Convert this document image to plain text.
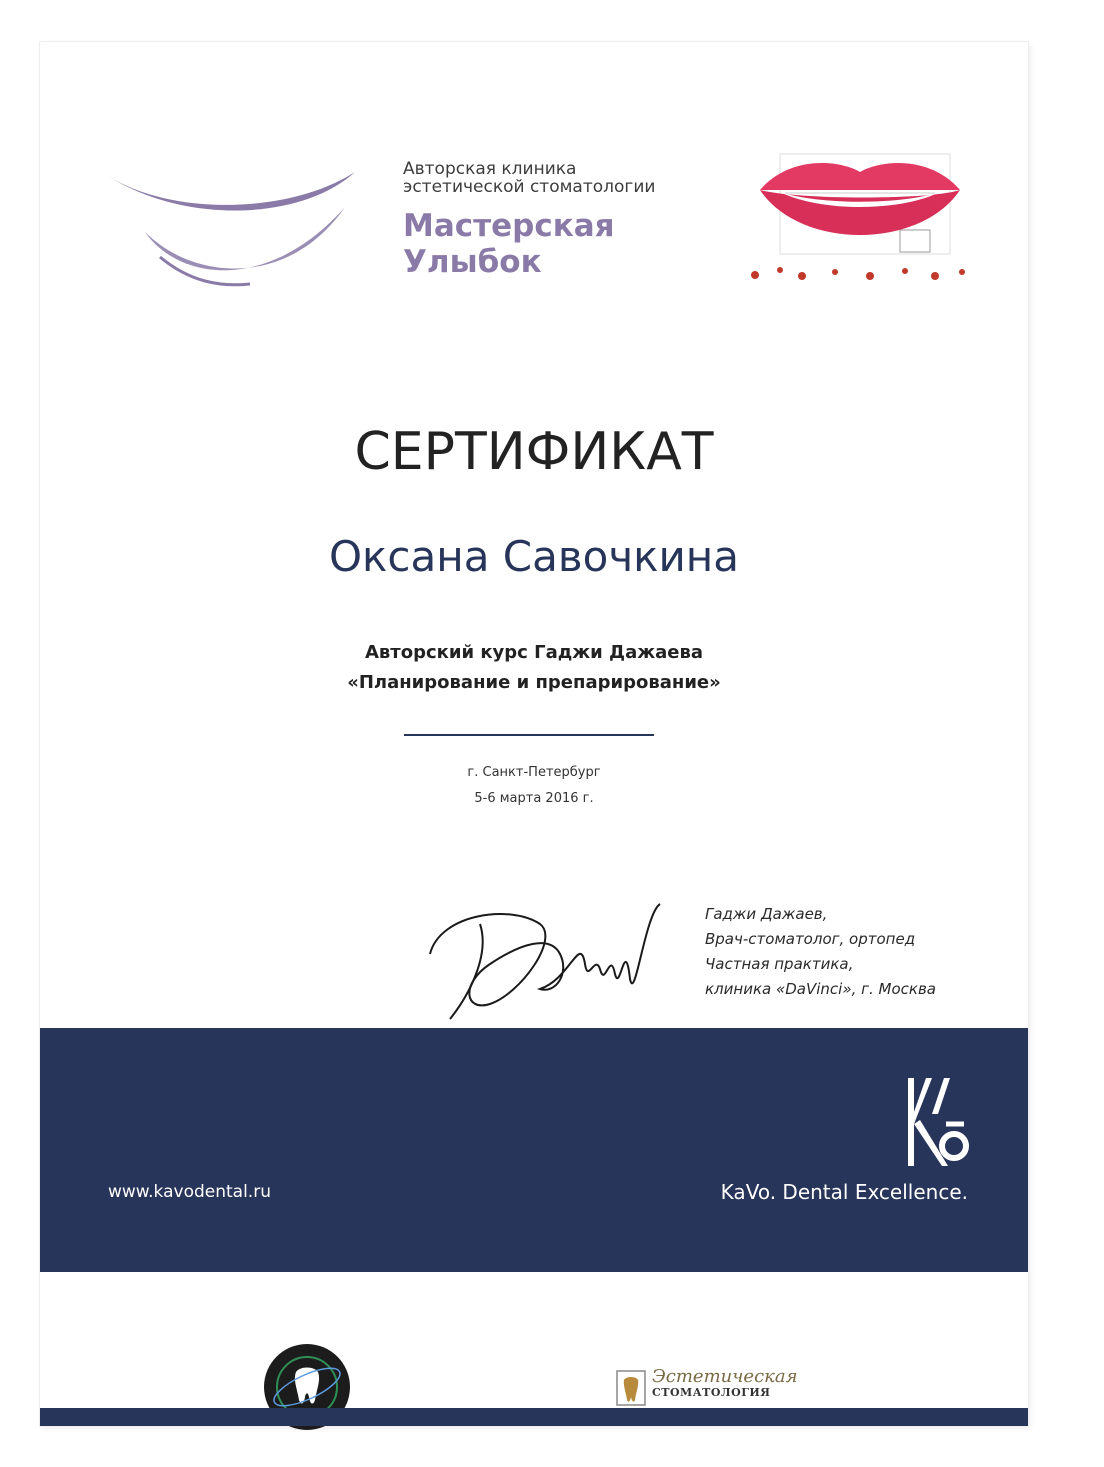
Авторская клиника
эстетической стоматологии
Мастерская
Улыбок
СЕРТИФИКАТ
Оксана Савочкина
Авторский курс Гаджи Дажаева
«Планирование и препарирование»
г. Санкт-Петербург
5-6 марта 2016 г.
Гаджи Дажаев,
Врач-стоматолог, ортопед
Частная практика,
клиника «DaVinci», г. Москва
www.kavodental.ru	KaVo. Dental Excellence.
Эстетическая
СТОМАТОЛОГИЯ
